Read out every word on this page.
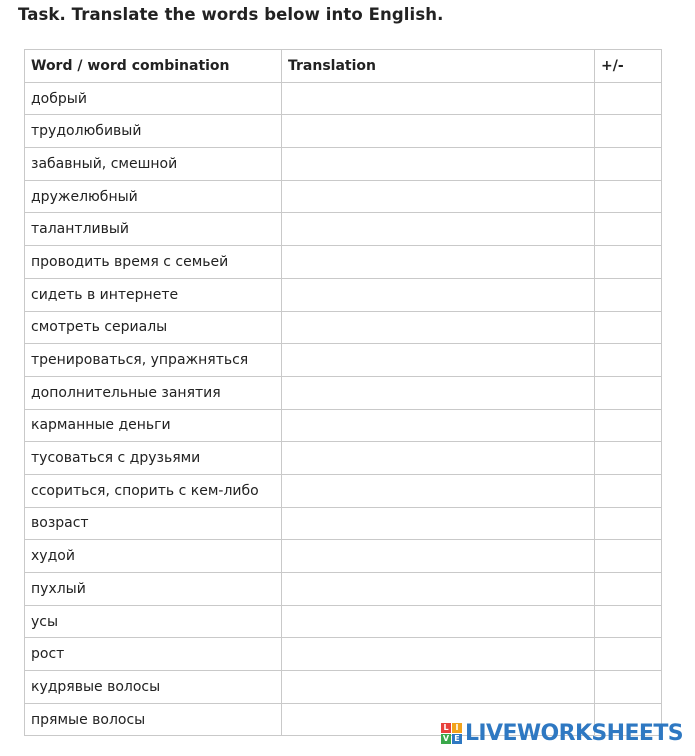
Task. Translate the words below into English.
Word / word combination	Translation	+/-
добрый		
трудолюбивый		
забавный, смешной		
дружелюбный		
талантливый		
проводить время с семьей		
сидеть в интернете		
смотреть сериалы		
тренироваться, упражняться		
дополнительные занятия		
карманные деньги		
тусоваться с друзьями		
ссориться, спорить с кем-либо		
возраст		
худой		
пухлый		
усы		
рост		
кудрявые волосы		
прямые волосы			L I
V E LIVEWORKSHEETS
